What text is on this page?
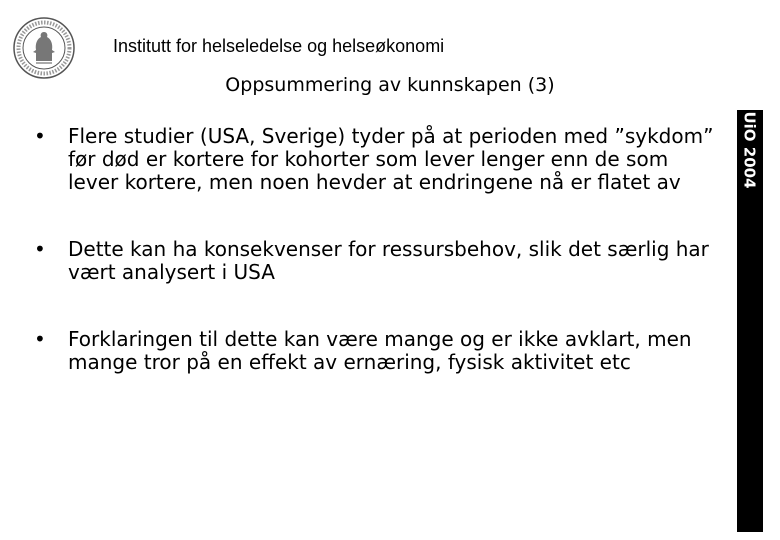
Institutt for helseledelse og helseøkonomi
Oppsummering av kunnskapen (3)
UiO 2004
•	Flere studier (USA, Sverige) tyder på at perioden med ”sykdom” før død er kortere for kohorter som lever lenger enn de som lever kortere, men noen hevder at endringene nå er flatet av
•	Dette kan ha konsekvenser for ressursbehov, slik det særlig har vært analysert i USA
•	Forklaringen til dette kan være mange og er ikke avklart, men mange tror på en effekt av ernæring, fysisk aktivitet etc
